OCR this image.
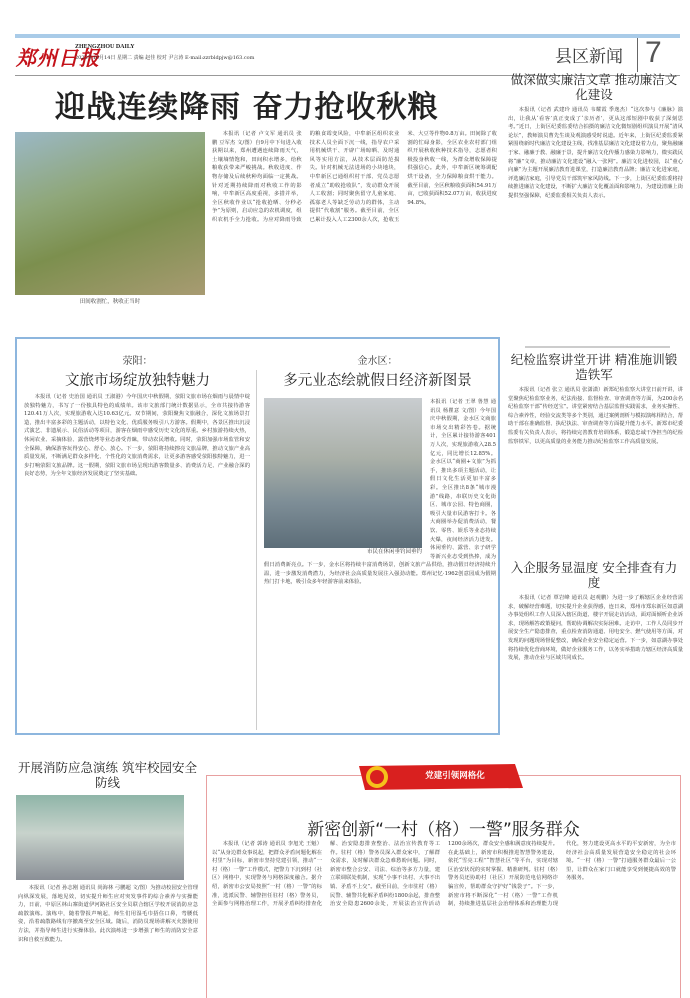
郑州日报
ZHENGZHOU DAILY
2025年10月14日 星期二 责编 赵佳 校对 尹言涛 E-mail:zzrbldpjw@163.com	县区新闻 7
迎战连续降雨 奋力抢收秋粮
田间收割忙，秋收正当时
本报讯（记者 卢文军 通讯员 张鹏 豆军杰 文/图）自9月中下旬进入收获期以来，郑州遭遇连续降雨天气，土壤墒情饱和，田间积水增多，给秋粮收获带来严峻挑战。秋收进度、作物存储及后续秋种均面临一定挑战。针对近期持续降雨对秋收工作的影响，中牟新区高度重视，多措并举，全区秋收作业以“抢收抢晒、分秒必争”为原则，启动应急的农机调度，组织农机手全力抢收。为应对降雨导致的粮食霉变风险，中牟新区组织农业技术人员全面下沉一线，指导农户采用机械烘干、开辟广场晾晒、及时通风等实用方法，从技术层面防范损失。针对机械无法进场的小块地块，中牟新区已通组织村干部、党员志愿者成立“助收抢收队”，发动群众开展人工收割；同时聚焦留守儿童家庭、孤寡老人等缺乏劳动力的群体，主动提供“代收割”服务。截至目前，全区已累计投入人工2300余人次，抢收玉米、大豆等作物0.8万亩。田间除了收割的忙碌身影，全区农业农村部门组织开展秋收秋种技术指导，志愿者积极投身秋收一线，为群众增收保障提供强信心。此外，中牟新区统筹调配烘干设备，全力保障粮食烘干能力。截至目前，全区秋粮收获面积54.91万亩，已收获面积52.07万亩，收获进度94.8%。
做深做实廉洁文章 推动廉洁文化建设
本报讯（记者 武建玲 通讯员 韦耀霞 季逸杰）“这次参与《廉脉》演出，让我从‘看客’真正变成了‘亲历者’，更从这部短剧中收获了深刻思考。”近日，上街区纪委监委结合拍摄的廉洁文化微短剧组织演员开展“清风论坛”，教师演员曹先生谈及观演感受时说道。近年来，上街区纪委监委紧紧围绕新时代廉洁文化建设主线，找准基层廉洁文化建设着力点，聚焦融廉于家、融廉于教、融廉于景，提升廉洁文化传播力感染力影响力，微实践民将“廉”文章，推动廉洁文化建设“融入一张网”。廉洁文化进校园，以“童心向廉”为主题开展廉洁教育进课堂，打造廉洁教育品牌；廉洁文化进家庭，评选廉洁家庭，引导党员干部筑牢家风防线。下一步，上街区纪委监委将持续推进廉洁文化建设，不断扩大廉洁文化覆盖面和影响力，为建设清廉上街提供坚强保障，纪委监委相关负责人表示。
纪检监察讲堂开讲 精准施训锻造铁军
本报讯（记者 张立 通讯员 张潇潇）新郑纪检监察大讲堂日前开讲，讲堂聚焦纪检监察业务，纪法衔接、监督检查、审查调查等方面，为200余名纪检监察干部“传经送宝”。讲堂紧密结合基层监督实践需求，业务实操性、综合素养性，经验交流类等多个类别，通过案例剖析与模拟演练相结合，帮助干部在准确监督、执纪执法、审查调查等方面提升能力水平。新郑市纪委监委有关负责人表示，将持续完善教育培训体系，锻造忠诚干净担当的纪检监察铁军，以更高质量的业务能力推动纪检监察工作高质量发展。
入企服务显温度 安全排查有力度
本报讯（记者 覃岩峰 通讯员 赵观鹏）为进一步了解辖区企业经营需求，破解经营难题，切实提升企业获得感，连日来，郑州市郑东新区如意湖办事处组织工作人员深入辖区街道、楼宇开展走访活动，面对面倾听企业诉求，现场解答政策疑问，帮助协调解决实际困难。走访中，工作人员同步开展安全生产隐患排查，重点检查消防通道、用电安全、燃气使用等方面，对发现的问题现场督促整改，确保企业安全稳定运营。下一步，如意湖办事处将持续优化营商环境，做好企业服务工作，以务实举措助力辖区经济高质量发展，推动企业与区域共同成长。
荥阳：
文旅市场绽放独特魅力
本报讯（记者 史治国 通讯员 王淑港）今年国庆中秋假期，荥阳文旅市场在烟雨与晨情中绽放独特魅力，书写了一份独具特色的成绩单。该市文旅部门统计数据显示，全市共接待游客120.41万人次，实现旅游收入达10.63亿元。双节期间，荥阳聚焦文旅融合，深化文旅场景打造，推出丰富多彩的主题活动，以特色文化、优质服务吸引八方游客。假期中，各景区推出沉浸式演艺、非遗展示、民俗活动等项目，游客在烟雨中感受历史文化的厚重。乡村旅游持续火热，休闲农业、采摘体验、露营烧烤等业态备受青睐，带动农民增收。同时，荥阳加强市场监管和安全保障，确保游客玩得安心、舒心、放心。下一步，荥阳将持续擦亮文旅品牌，推动文旅产业高质量发展，不断满足群众多样化、个性化的文旅消费需求，让更多游客感受荥阳独特魅力，进一步打响荥阳文旅品牌。这一假期，荥阳文旅市场呈现出游客数量多、消费活力足、产业融合深的良好态势，为全年文旅经济发展奠定了坚实基础。
金水区：
多元业态绘就假日经济新图景
市民在休闲垂钓园垂钓
本报讯（记者 王翠 鲁慧 通讯员 杨瞿意 文/图）今年国庆中秋假期，金水区文商旅市场交出精彩答卷。据统计，全区累计接待游客401万人次，实现旅游收入28.5亿元，同比增长12.85%。金水区以“商圈+文旅”为抓手，推出多项主题活动，让假日文化生活更加丰富多彩。全区推出8条“城市漫游”线路，串联历史文化街区、城市公园、特色商圈，吸引大量市民游客打卡。各大商圈举办促消费活动，餐饮、零售、娱乐等业态持续火爆，夜间经济活力迸发。休闲垂钓、露营、亲子研学等新兴业态受到热捧，成为假日消费新亮点。下一步，金水区将持续丰富消费场景，创新文旅产品供给，推动假日经济持续升温，进一步激发消费潜力，为经济社会高质量发展注入强劲动能。郑州记忆·1962创意园成为假期热门打卡地，吸引众多年轻游客前来体验。
开展消防应急演练 筑牢校园安全防线
本报讯（记者 孙志刚 通讯员 尚海林 弓鹏超 文/图）为推动校园安全管理向纵深发展，落地见效，切实提升师生应对突发事件的综合素养与实操能力，日前，中原区林山寨街道伊河路社区安全员联合辖区学校开展消防应急疏散演练。演练中，随着警报声响起，师生们用湿毛巾捂住口鼻，弯腰低姿，沿着疏散路线有序撤离至安全区域。随后，消防员现场讲解灭火器使用方法，并指导师生进行实操体验。此次演练进一步增强了师生的消防安全意识和自救互救能力。
党建引领网格化
新密创新“一村（格）一警”服务群众
本报讯（记者 郭涛 通讯员 李旭光 王魁）以“从身边群众事说起，把群众矛盾问题化解在村里”为目标，新密市坚持党建引领，推动“一村（格）一警”工作模式，把警力下沉到村（社区）网格中，实现警务与网格深度融合。据介绍，新密市公安局按照“一村（格）一警”的标准，选派民警、辅警担任驻村（格）警务员，全面参与网格治理工作，开展矛盾纠纷排查化解、治安隐患排查整治、法治宣传教育等工作。驻村（格）警务员深入群众家中，了解群众需求，及时解决群众急难愁盼问题。同时，新密市整合公安、司法、综治等多方力量，建立联调联处机制，实现“小事不出村、大事不出镇、矛盾不上交”。截至目前，全市驻村（格）民警、辅警共化解矛盾纠纷1800余起，排查整治安全隐患2600余处，开展法治宣传活动1200余场次，群众安全感和满意度持续提升。在此基础上，新密市积极推进智慧警务建设，依托“雪亮工程”“智慧社区”等平台，实现对辖区治安状况的实时掌握、精准研判。驻村（格）警务员还协助村（社区）开展防范电信网络诈骗宣传，帮助群众守护好“钱袋子”。下一步，新密市将不断深化“一村（格）一警”工作机制，持续推进基层社会治理体系和治理能力现代化，努力建设更高水平的平安新密，为全市经济社会高质量发展营造安全稳定的社会环境。“一村（格）一警”打通服务群众最后一公里，让群众在家门口就能享受到便捷高效的警务服务。
